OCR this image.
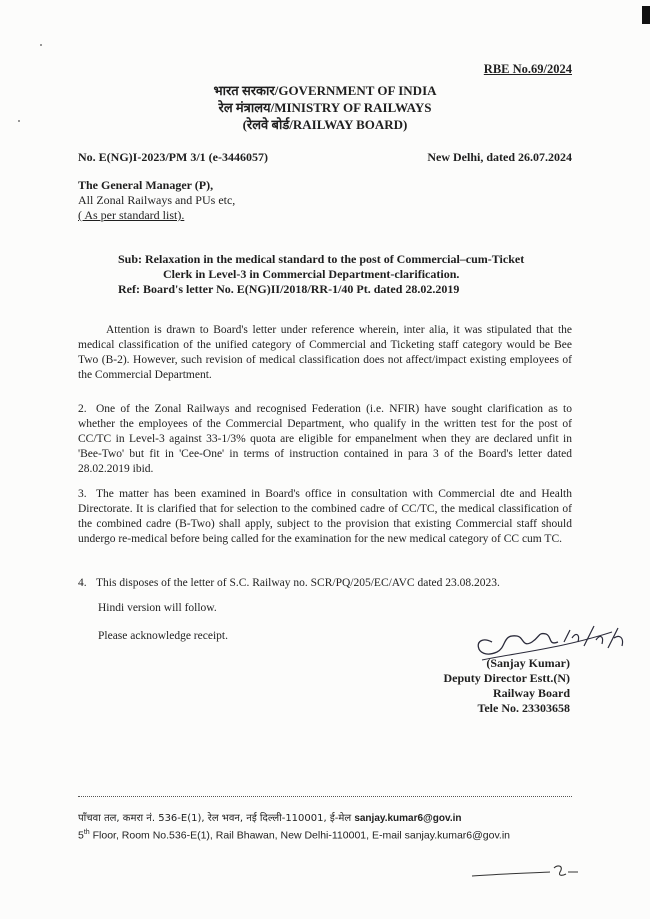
RBE No.69/2024
भारत सरकार/GOVERNMENT OF INDIA
रेल मंत्रालय/MINISTRY OF RAILWAYS
(रेलवे बोर्ड/RAILWAY BOARD)
No. E(NG)I-2023/PM 3/1 (e-3446057)	New Delhi, dated 26.07.2024
The General Manager (P),
All Zonal Railways and PUs etc,
( As per standard list).
Sub: Relaxation in the medical standard to the post of Commercial–cum-Ticket
Clerk in Level-3 in Commercial Department-clarification.
Ref: Board's letter No. E(NG)II/2018/RR-1/40 Pt. dated 28.02.2019
Attention is drawn to Board's letter under reference wherein, inter alia, it was stipulated that the medical classification of the unified category of Commercial and Ticketing staff category would be Bee Two (B-2). However, such revision of medical classification does not affect/impact existing employees of the Commercial Department.
2. One of the Zonal Railways and recognised Federation (i.e. NFIR) have sought clarification as to whether the employees of the Commercial Department, who qualify in the written test for the post of CC/TC in Level-3 against 33-1/3% quota are eligible for empanelment when they are declared unfit in 'Bee-Two' but fit in 'Cee-One' in terms of instruction contained in para 3 of the Board's letter dated 28.02.2019 ibid.
3. The matter has been examined in Board's office in consultation with Commercial dte and Health Directorate. It is clarified that for selection to the combined cadre of CC/TC, the medical classification of the combined cadre (B-Two) shall apply, subject to the provision that existing Commercial staff should undergo re-medical before being called for the examination for the new medical category of CC cum TC.
4. This disposes of the letter of S.C. Railway no. SCR/PQ/205/EC/AVC dated 23.08.2023.
Hindi version will follow.
Please acknowledge receipt.
(Sanjay Kumar)
Deputy Director Estt.(N)
Railway Board
Tele No. 23303658
पाँचवा तल, कमरा नं. 536-E(1), रेल भवन, नई दिल्ली-110001, ई-मेल sanjay.kumar6@gov.in
5th Floor, Room No.536-E(1), Rail Bhawan, New Delhi-110001, E-mail sanjay.kumar6@gov.in
